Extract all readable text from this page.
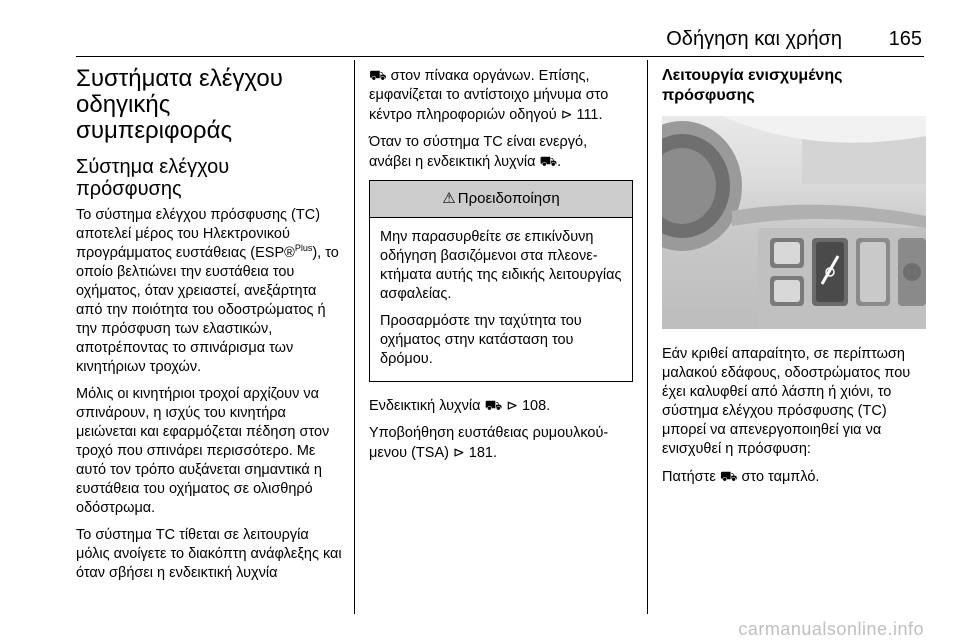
Οδήγηση και χρήση 165
Συστήματα ελέγχου
οδηγικής
συμπεριφοράς
Σύστημα ελέγχου
πρόσφυσης

Το σύστημα ελέγχου πρόσφυσης (TC) αποτελεί μέρος του Ηλεκτρονικού προγράμματος ευστάθειας (ESP®$^{Plus}$), το οποίο βελτιώνει την ευστάθεια του οχήματος, όταν χρειαστεί, ανεξάρτητα από την ποιότητα του οδοστρώματος ή την πρόσφυση των ελαστικών, αποτρέποντας το σπινάρισμα των κινητήριων τροχών.

Μόλις οι κινητήριοι τροχοί αρχίζουν να σπινάρουν, η ισχύς του κινητήρα μειώνεται και εφαρμόζεται πέδηση στον τροχό που σπινάρει περισσότερο. Με αυτό τον τρόπο αυξάνεται σημαντικά η ευστάθεια του οχήματος σε ολισθηρό οδόστρωμα.

Το σύστημα TC τίθεται σε λειτουργία μόλις ανοίγετε το διακόπτη ανάφλεξης και όταν σβήσει η ενδεικτική λυχνία

⛟ στον πίνακα οργάνων. Επίσης, εμφανίζεται το αντίστοιχο μήνυμα στο κέντρο πληροφοριών οδηγού ⊳ 111.

Όταν το σύστημα TC είναι ενεργό, ανάβει η ενδεικτική λυχνία ⛟.

⚠ Προειδοποίηση

Μην παρασυρθείτε σε επικίνδυνη οδήγηση βασιζόμενοι στα πλεονεκτήματα αυτής της ειδικής λειτουργίας ασφαλείας.

Προσαρμόστε την ταχύτητα του οχήματος στην κατάσταση του δρόμου.

Ενδεικτική λυχνία ⛟ ⊳ 108.

Υποβοήθηση ευστάθειας ρυμουλκούμενου (TSA) ⊳ 181.

Λειτουργία ενισχυμένης
πρόσφυσης

Εάν κριθεί απαραίτητο, σε περίπτωση μαλακού εδάφους, οδοστρώματος που έχει καλυφθεί από λάσπη ή χιόνι, το σύστημα ελέγχου πρόσφυσης (TC) μπορεί να απενεργοποιηθεί για να ενισχυθεί η πρόσφυση:

Πατήστε ⛟ στο ταμπλό.

carmanualsonline.info
